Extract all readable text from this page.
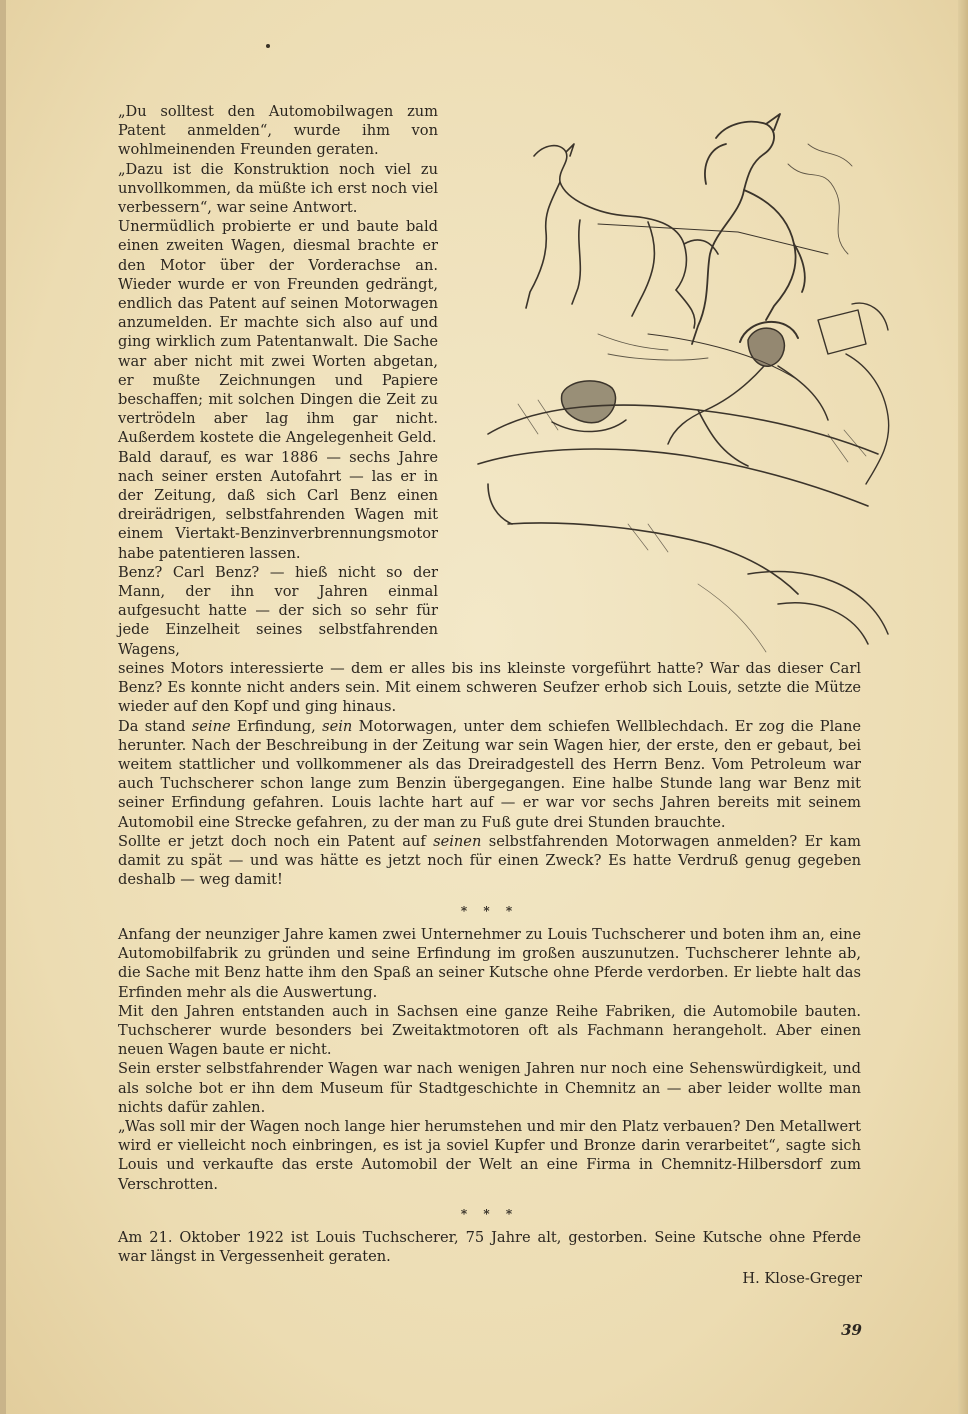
„Du solltest den Automobilwagen zum Patent anmelden“, wurde ihm von wohlmeinenden Freunden geraten.

„Dazu ist die Konstruktion noch viel zu unvollkommen, da müßte ich erst noch viel verbessern“, war seine Antwort.

Unermüdlich probierte er und baute bald einen zweiten Wagen, diesmal brachte er den Motor über der Vorderachse an. Wieder wurde er von Freunden gedrängt, endlich das Patent auf seinen Motorwagen anzumelden. Er machte sich also auf und ging wirklich zum Patentanwalt. Die Sache war aber nicht mit zwei Worten abgetan, er mußte Zeichnungen und Papiere beschaffen; mit solchen Dingen die Zeit zu vertrödeln aber lag ihm gar nicht. Außerdem kostete die Angelegenheit Geld.

Bald darauf, es war 1886 — sechs Jahre nach seiner ersten Autofahrt — las er in der Zeitung, daß sich Carl Benz einen dreirädrigen, selbstfahrenden Wagen mit einem Viertakt-Benzinverbrennungsmotor habe patentieren lassen.

Benz? Carl Benz? — hieß nicht so der Mann, der ihn vor Jahren einmal aufgesucht hatte — der sich so sehr für jede Einzelheit seines selbstfahrenden Wagens,

seines Motors interessierte — dem er alles bis ins kleinste vorgeführt hatte? War das dieser Carl Benz? Es konnte nicht anders sein. Mit einem schweren Seufzer erhob sich Louis, setzte die Mütze wieder auf den Kopf und ging hinaus.

Da stand seine Erfindung, sein Motorwagen, unter dem schiefen Wellblechdach. Er zog die Plane herunter. Nach der Beschreibung in der Zeitung war sein Wagen hier, der erste, den er gebaut, bei weitem stattlicher und vollkommener als das Dreiradgestell des Herrn Benz. Vom Petroleum war auch Tuchscherer schon lange zum Benzin übergegangen. Eine halbe Stunde lang war Benz mit seiner Erfindung gefahren. Louis lachte hart auf — er war vor sechs Jahren bereits mit seinem Automobil eine Strecke gefahren, zu der man zu Fuß gute drei Stunden brauchte.

Sollte er jetzt doch noch ein Patent auf seinen selbstfahrenden Motorwagen anmelden? Er kam damit zu spät — und was hätte es jetzt noch für einen Zweck? Es hatte Verdruß genug gegeben deshalb — weg damit!

* * *

Anfang der neunziger Jahre kamen zwei Unternehmer zu Louis Tuchscherer und boten ihm an, eine Automobilfabrik zu gründen und seine Erfindung im großen auszunutzen. Tuchscherer lehnte ab, die Sache mit Benz hatte ihm den Spaß an seiner Kutsche ohne Pferde verdorben. Er liebte halt das Erfinden mehr als die Auswertung.

Mit den Jahren entstanden auch in Sachsen eine ganze Reihe Fabriken, die Automobile bauten. Tuchscherer wurde besonders bei Zweitaktmotoren oft als Fachmann herangeholt. Aber einen neuen Wagen baute er nicht.

Sein erster selbstfahrender Wagen war nach wenigen Jahren nur noch eine Sehenswürdigkeit, und als solche bot er ihn dem Museum für Stadtgeschichte in Chemnitz an — aber leider wollte man nichts dafür zahlen.

„Was soll mir der Wagen noch lange hier herumstehen und mir den Platz verbauen? Den Metallwert wird er vielleicht noch einbringen, es ist ja soviel Kupfer und Bronze darin verarbeitet“, sagte sich Louis und verkaufte das erste Automobil der Welt an eine Firma in Chemnitz-Hilbersdorf zum Verschrotten.

* * *

Am 21. Oktober 1922 ist Louis Tuchscherer, 75 Jahre alt, gestorben. Seine Kutsche ohne Pferde war längst in Vergessenheit geraten.

H. Klose-Greger
39
